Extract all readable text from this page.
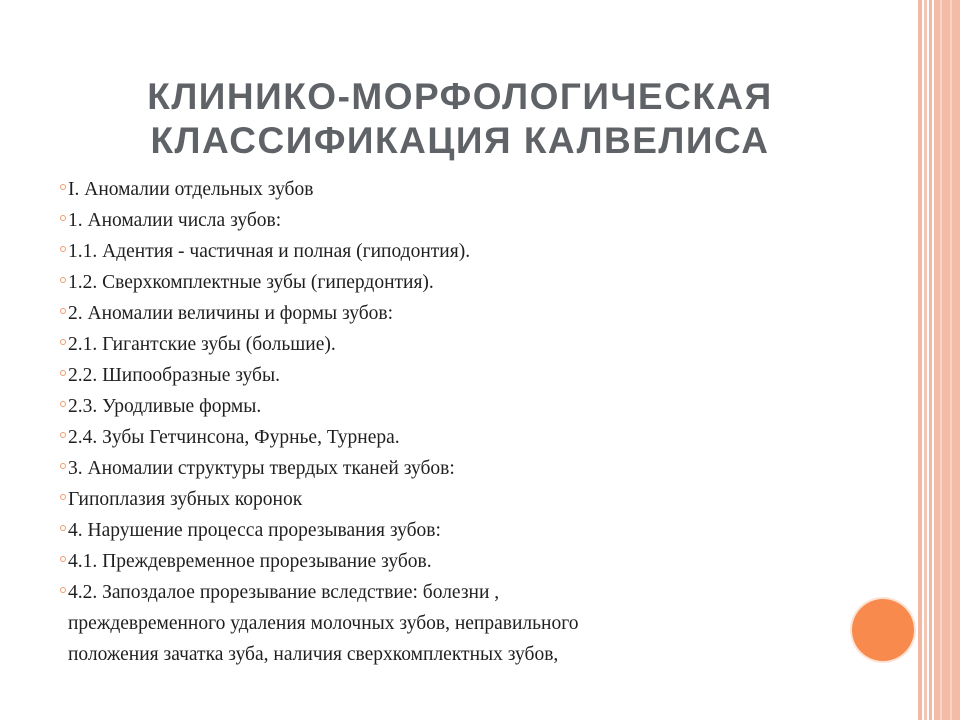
КЛИНИКО-МОРФОЛОГИЧЕСКАЯ
КЛАССИФИКАЦИЯ КАЛВЕЛИСА
I. Аномалии отдельных зубов
1. Аномалии числа зубов:
1.1. Адентия - частичная и полная (гиподонтия).
1.2. Сверхкомплектные зубы (гипердонтия).
2. Аномалии величины и формы зубов:
2.1. Гигантские зубы (большие).
2.2. Шипообразные зубы.
2.3. Уродливые формы.
2.4. Зубы Гетчинсона, Фурнье, Турнера.
3. Аномалии структуры твердых тканей зубов:
Гипоплазия зубных коронок
4. Нарушение процесса прорезывания зубов:
4.1. Преждевременное прорезывание зубов.
4.2. Запоздалое прорезывание вследствие: болезни ,
преждевременного удаления молочных зубов, неправильного
положения зачатка зуба, наличия сверхкомплектных зубов,
